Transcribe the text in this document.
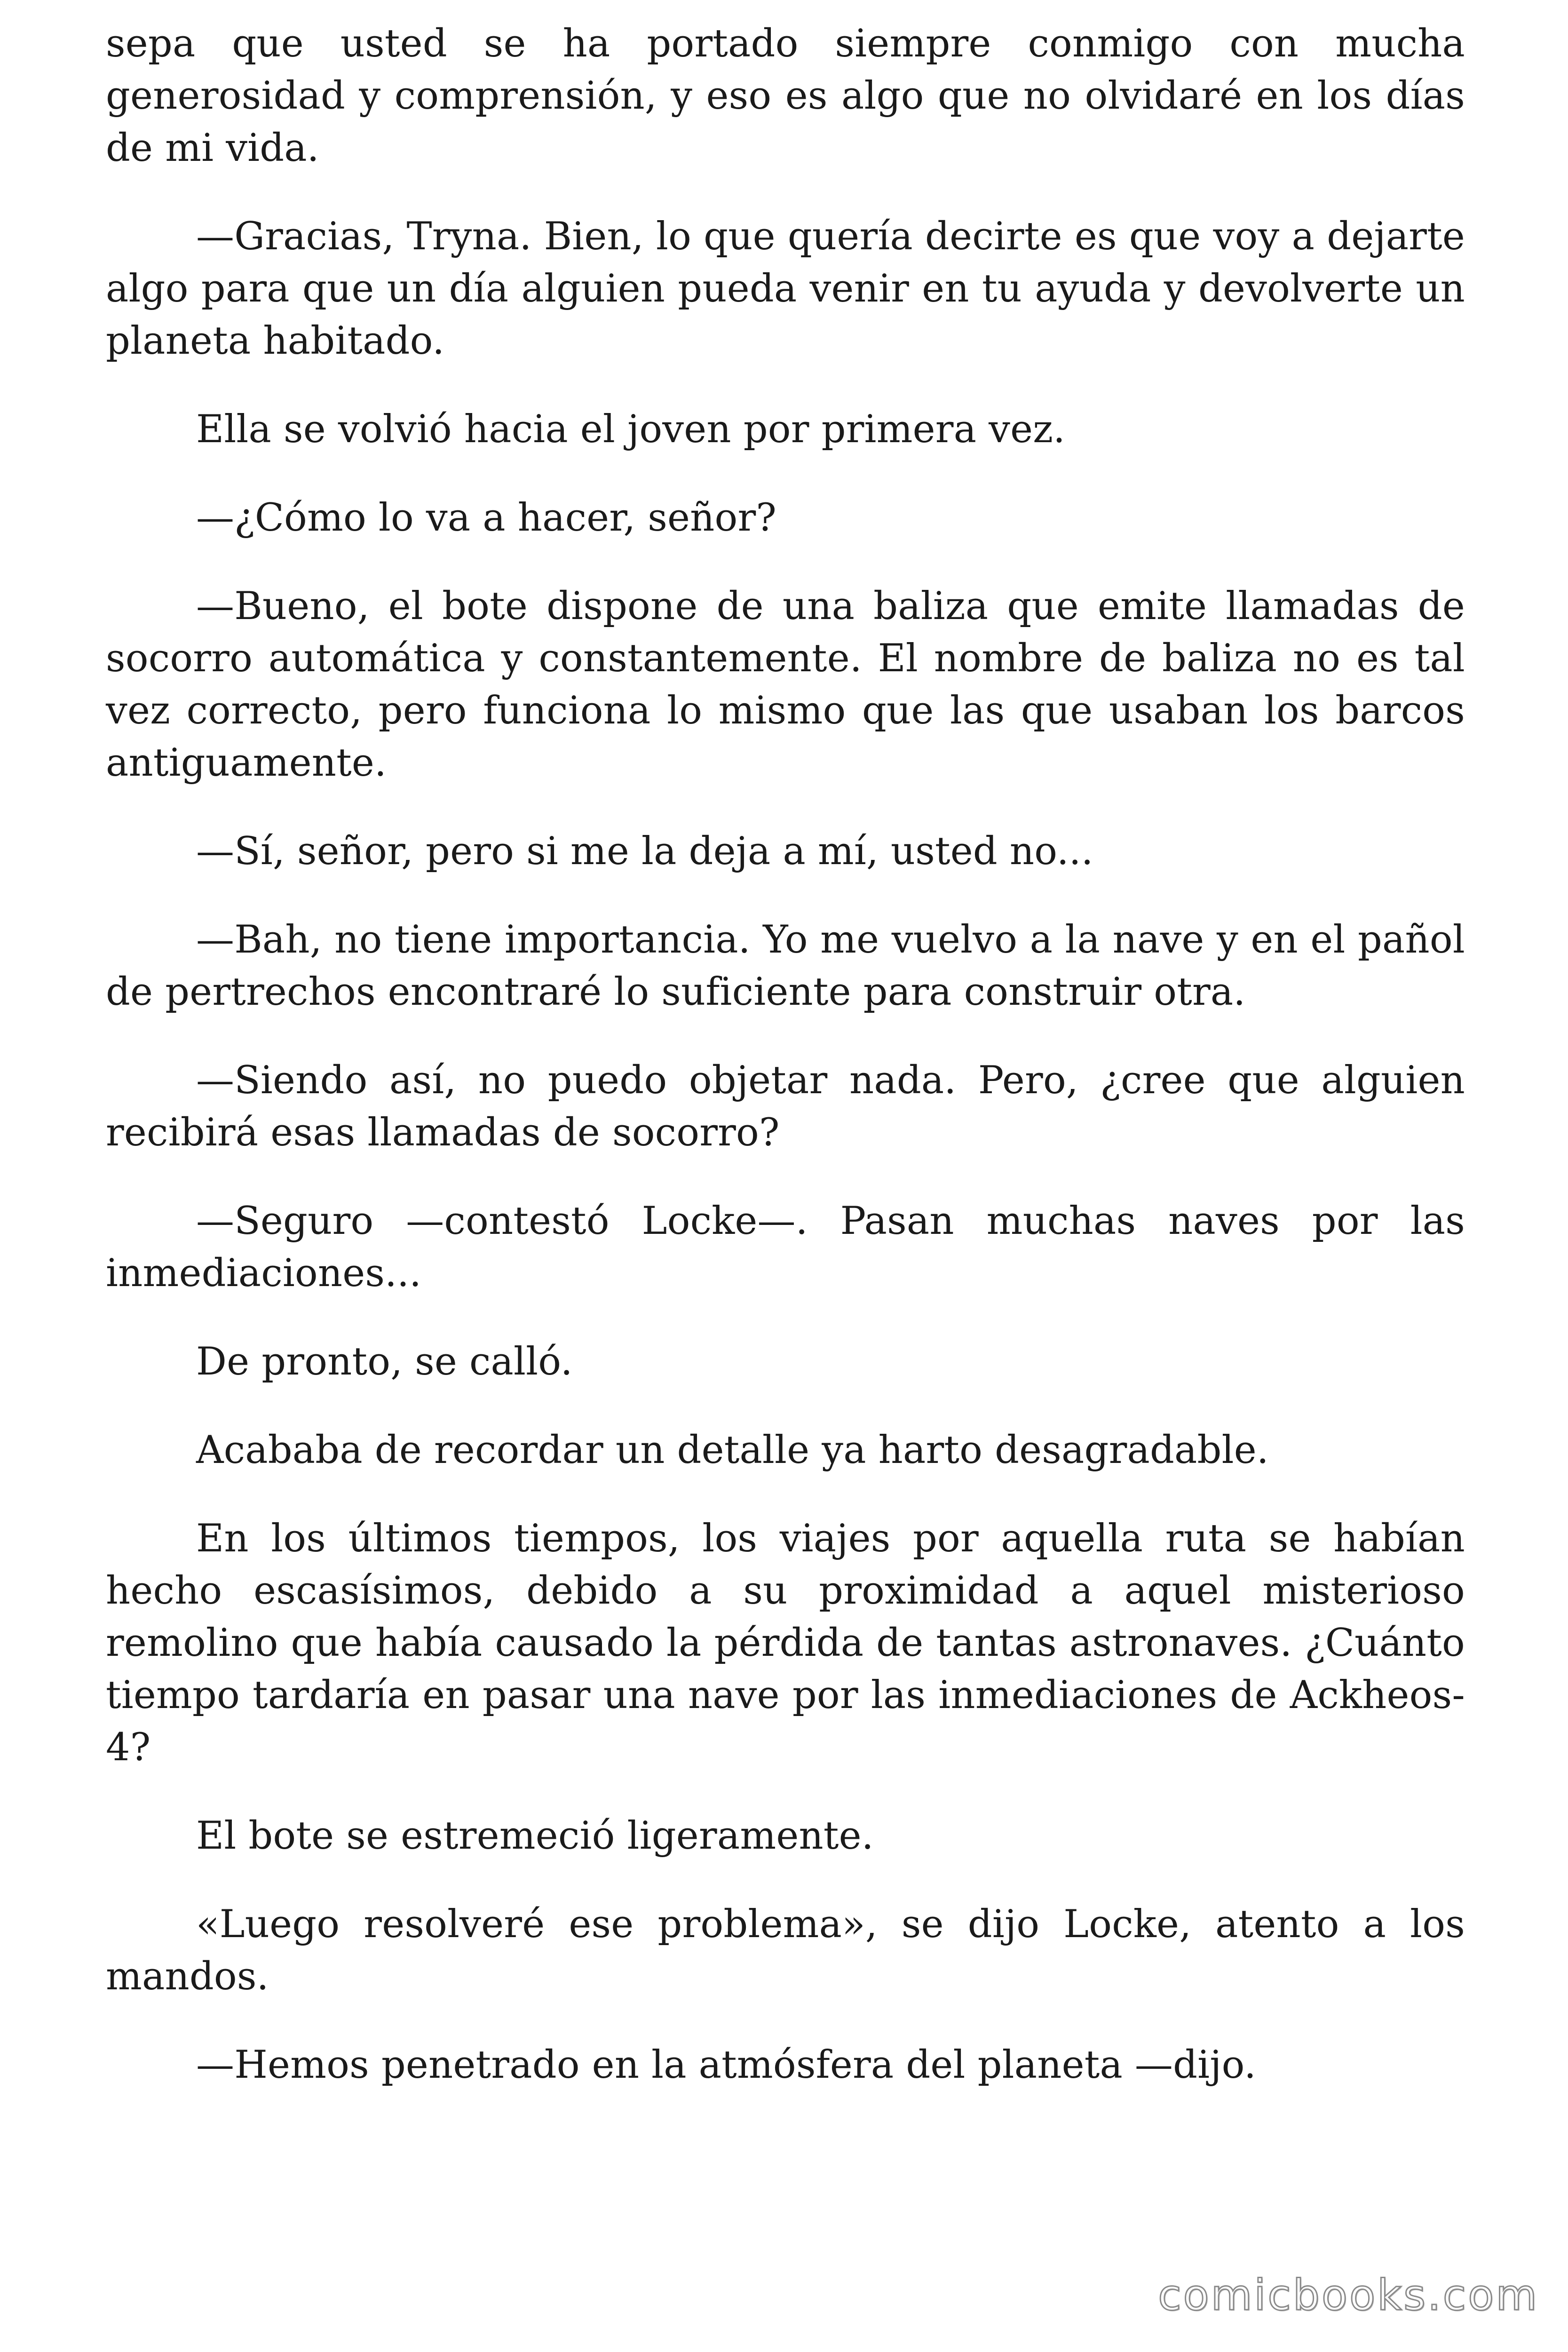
sepa que usted se ha portado siempre conmigo con mucha generosidad y comprensión, y eso es algo que no olvidaré en los días de mi vida.

—Gracias, Tryna. Bien, lo que quería decirte es que voy a dejarte algo para que un día alguien pueda venir en tu ayuda y devolverte un planeta habitado.

Ella se volvió hacia el joven por primera vez.

—¿Cómo lo va a hacer, señor?

—Bueno, el bote dispone de una baliza que emite llamadas de socorro automática y constantemente. El nombre de baliza no es tal vez correcto, pero funciona lo mismo que las que usaban los barcos antiguamente.

—Sí, señor, pero si me la deja a mí, usted no...

—Bah, no tiene importancia. Yo me vuelvo a la nave y en el pañol de pertrechos encontraré lo suficiente para construir otra.

—Siendo así, no puedo objetar nada. Pero, ¿cree que alguien recibirá esas llamadas de socorro?

—Seguro —contestó Locke—. Pasan muchas naves por las inmediaciones...

De pronto, se calló.

Acababa de recordar un detalle ya harto desagradable.

En los últimos tiempos, los viajes por aquella ruta se habían hecho escasísimos, debido a su proximidad a aquel misterioso remolino que había causado la pérdida de tantas astronaves. ¿Cuánto tiempo tardaría en pasar una nave por las inmediaciones de Ackheos-4?

El bote se estremeció ligeramente.

«Luego resolveré ese problema», se dijo Locke, atento a los mandos.

—Hemos penetrado en la atmósfera del planeta —dijo.

comicbooks.com
